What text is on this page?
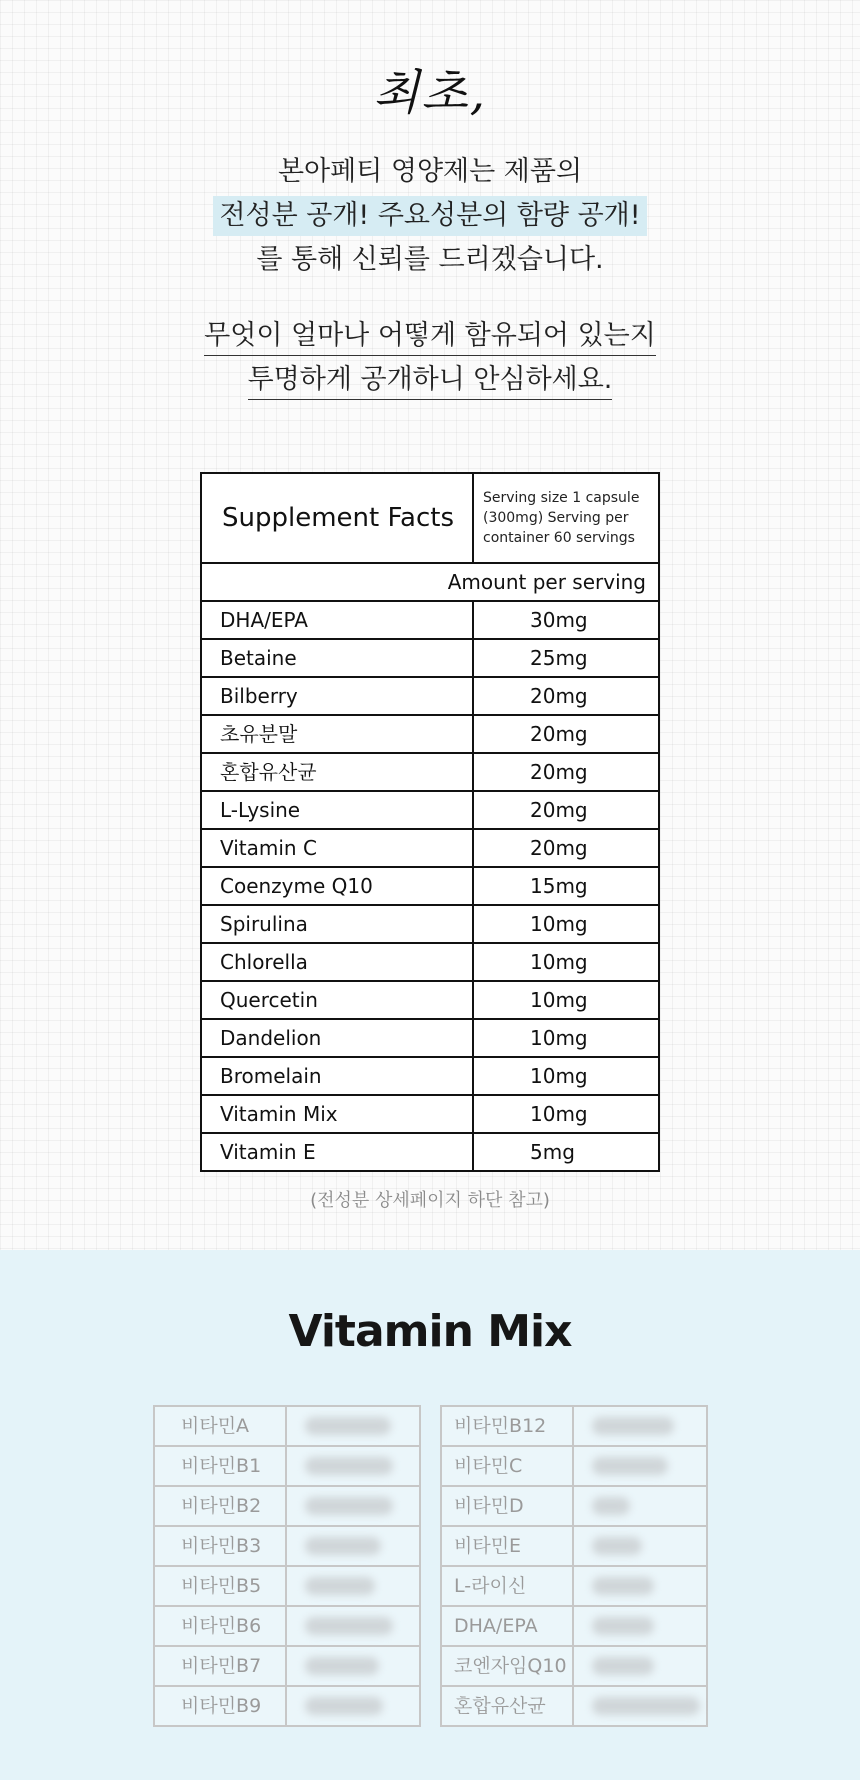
최초,
본아페티 영양제는 제품의
전성분 공개! 주요성분의 함량 공개!
를 통해 신뢰를 드리겠습니다.
무엇이 얼마나 어떻게 함유되어 있는지
투명하게 공개하니 안심하세요.
Supplement Facts
Serving size 1 capsule (300mg) Serving per container 60 servings
Amount per serving
DHA/EPA	30mg
Betaine	25mg
Bilberry	20mg
초유분말	20mg
혼합유산균	20mg
L-Lysine	20mg
Vitamin C	20mg
Coenzyme Q10	15mg
Spirulina	10mg
Chlorella	10mg
Quercetin	10mg
Dandelion	10mg
Bromelain	10mg
Vitamin Mix	10mg
Vitamin E	5mg
(전성분 상세페이지 하단 참고)
Vitamin Mix
비타민A
비타민B1
비타민B2
비타민B3
비타민B5
비타민B6
비타민B7
비타민B9
비타민B12
비타민C
비타민D
비타민E
L-라이신
DHA/EPA
코엔자임Q10
혼합유산균
